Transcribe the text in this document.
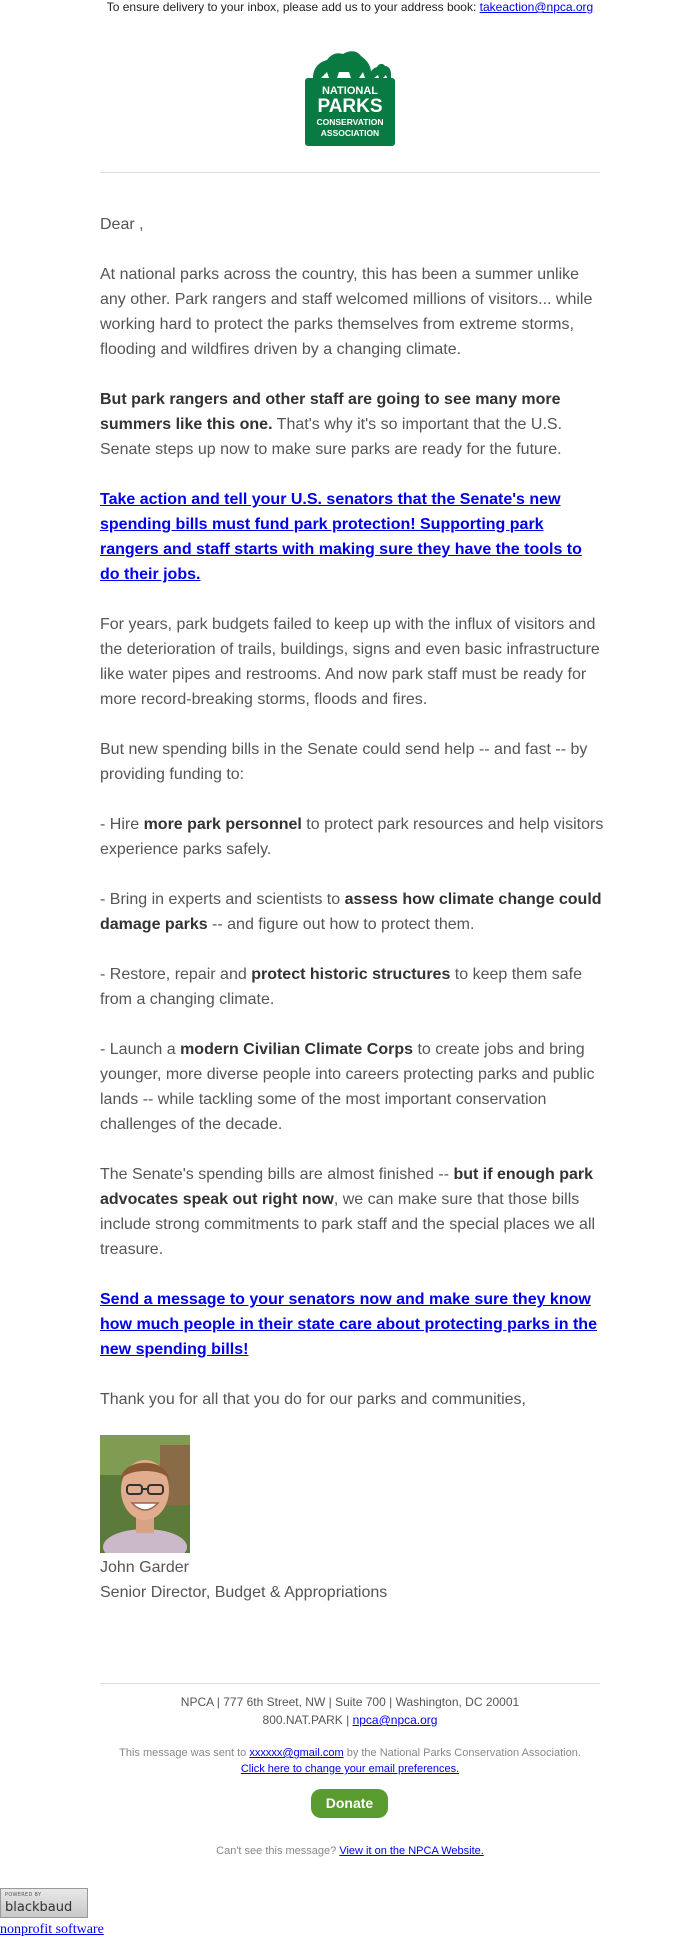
To ensure delivery to your inbox, please add us to your address book: takeaction@npca.org
NATIONAL
PARKS
CONSERVATION
ASSOCIATION
Dear ,

At national parks across the country, this has been a summer unlike any other. Park rangers and staff welcomed millions of visitors... while working hard to protect the parks themselves from extreme storms, flooding and wildfires driven by a changing climate.

But park rangers and other staff are going to see many more summers like this one. That's why it's so important that the U.S. Senate steps up now to make sure parks are ready for the future.

Take action and tell your U.S. senators that the Senate's new spending bills must fund park protection! Supporting park rangers and staff starts with making sure they have the tools to do their jobs.

For years, park budgets failed to keep up with the influx of visitors and the deterioration of trails, buildings, signs and even basic infrastructure like water pipes and restrooms. And now park staff must be ready for more record-breaking storms, floods and fires.

But new spending bills in the Senate could send help -- and fast -- by providing funding to:

- Hire more park personnel to protect park resources and help visitors experience parks safely.

- Bring in experts and scientists to assess how climate change could damage parks -- and figure out how to protect them.

- Restore, repair and protect historic structures to keep them safe from a changing climate.

- Launch a modern Civilian Climate Corps to create jobs and bring younger, more diverse people into careers protecting parks and public lands -- while tackling some of the most important conservation challenges of the decade.

The Senate's spending bills are almost finished -- but if enough park advocates speak out right now, we can make sure that those bills include strong commitments to park staff and the special places we all treasure.

Send a message to your senators now and make sure they know how much people in their state care about protecting parks in the new spending bills!
Thank you for all that you do for our parks and communities,
John Garder
Senior Director, Budget & Appropriations
NPCA | 777 6th Street, NW | Suite 700 | Washington, DC 20001
800.NAT.PARK | npca@npca.org
This message was sent to xxxxxx@gmail.com by the National Parks Conservation Association.
Click here to change your email preferences.
Donate
Can't see this message? View it on the NPCA Website.
POWERED BY
blackbaud
nonprofit software
